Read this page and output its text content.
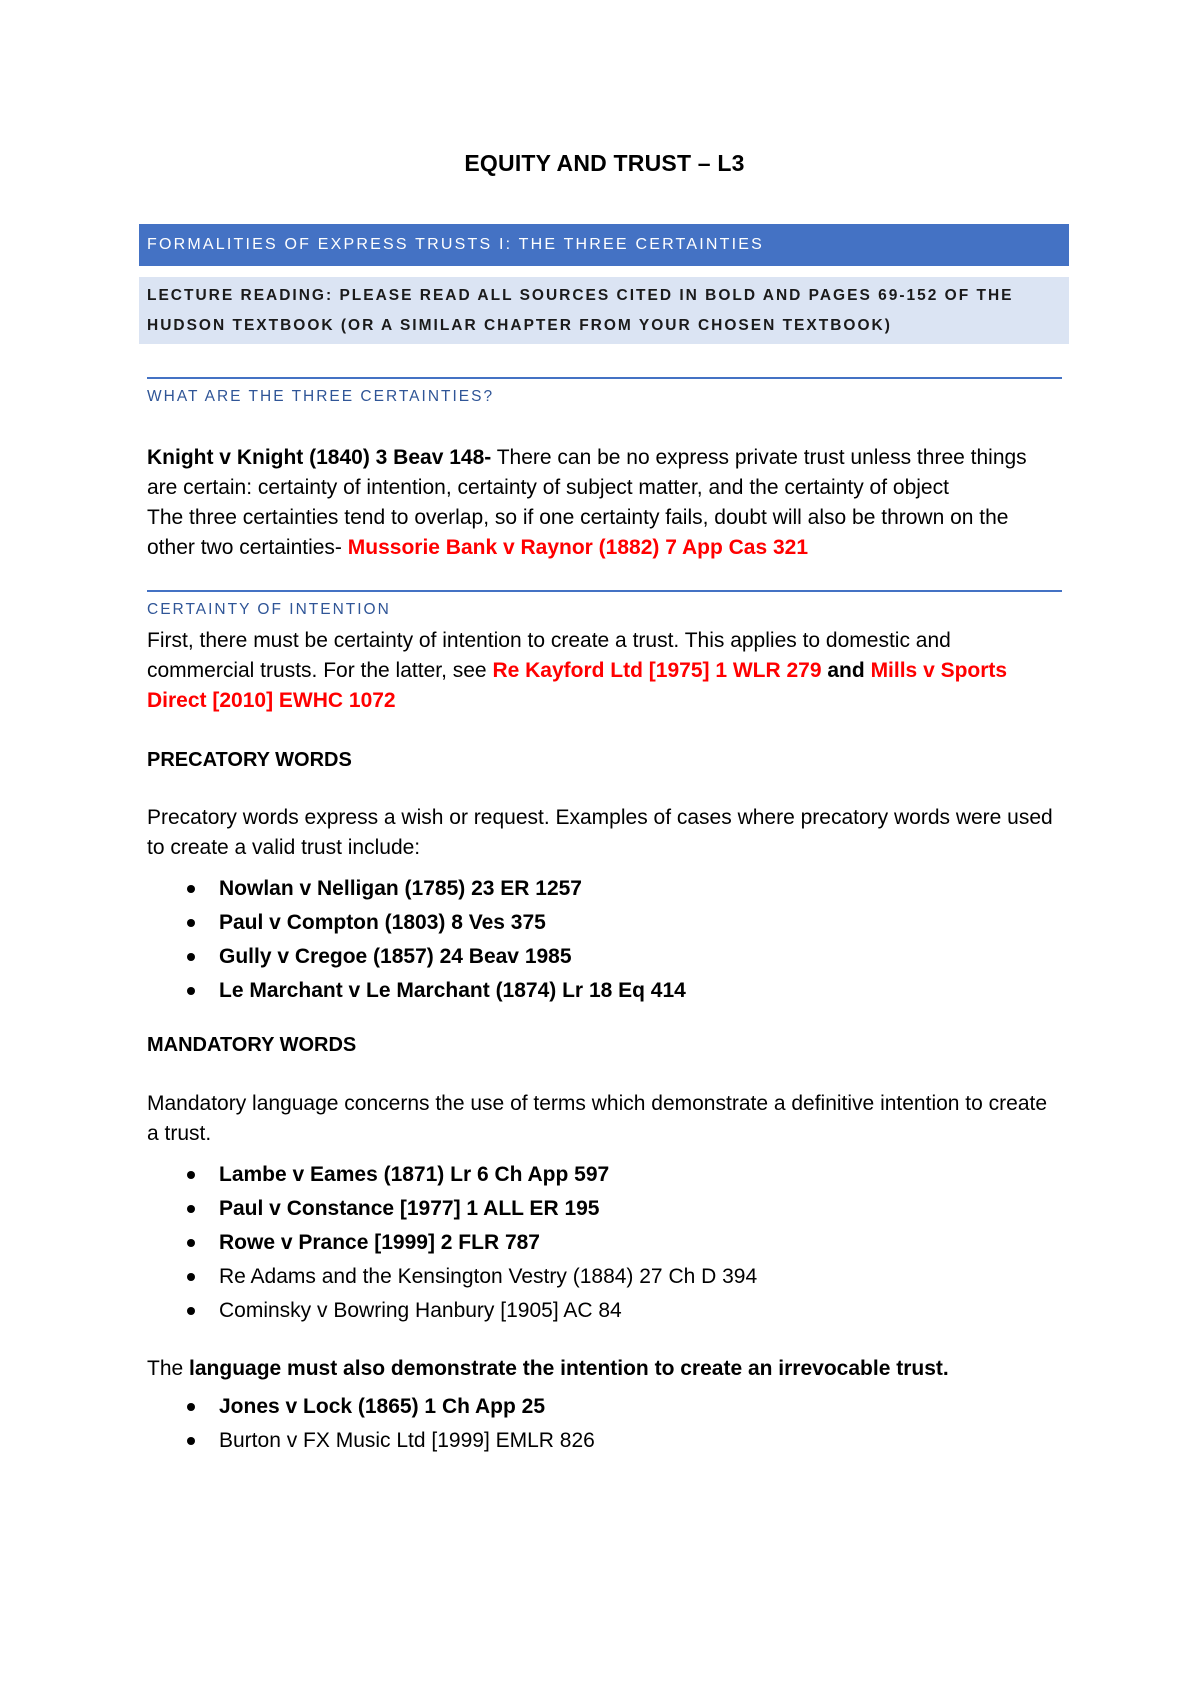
EQUITY AND TRUST – L3
FORMALITIES OF EXPRESS TRUSTS I: THE THREE CERTAINTIES
LECTURE READING: PLEASE READ ALL SOURCES CITED IN BOLD AND PAGES 69-152 OF THE
HUDSON TEXTBOOK (OR A SIMILAR CHAPTER FROM YOUR CHOSEN TEXTBOOK)
WHAT ARE THE THREE CERTAINTIES?
Knight v Knight (1840) 3 Beav 148- There can be no express private trust unless three things are certain: certainty of intention, certainty of subject matter, and the certainty of object
The three certainties tend to overlap, so if one certainty fails, doubt will also be thrown on the other two certainties- Mussorie Bank v Raynor (1882) 7 App Cas 321
CERTAINTY OF INTENTION
First, there must be certainty of intention to create a trust. This applies to domestic and commercial trusts. For the latter, see Re Kayford Ltd [1975] 1 WLR 279 and Mills v Sports Direct [2010] EWHC 1072
PRECATORY WORDS
Precatory words express a wish or request. Examples of cases where precatory words were used to create a valid trust include:
Nowlan v Nelligan (1785) 23 ER 1257
Paul v Compton (1803) 8 Ves 375
Gully v Cregoe (1857) 24 Beav 1985
Le Marchant v Le Marchant (1874) Lr 18 Eq 414
MANDATORY WORDS
Mandatory language concerns the use of terms which demonstrate a definitive intention to create a trust.
Lambe v Eames (1871) Lr 6 Ch App 597
Paul v Constance [1977] 1 ALL ER 195
Rowe v Prance [1999] 2 FLR 787
Re Adams and the Kensington Vestry (1884) 27 Ch D 394
Cominsky v Bowring Hanbury [1905] AC 84
The language must also demonstrate the intention to create an irrevocable trust.
Jones v Lock (1865) 1 Ch App 25
Burton v FX Music Ltd [1999] EMLR 826
